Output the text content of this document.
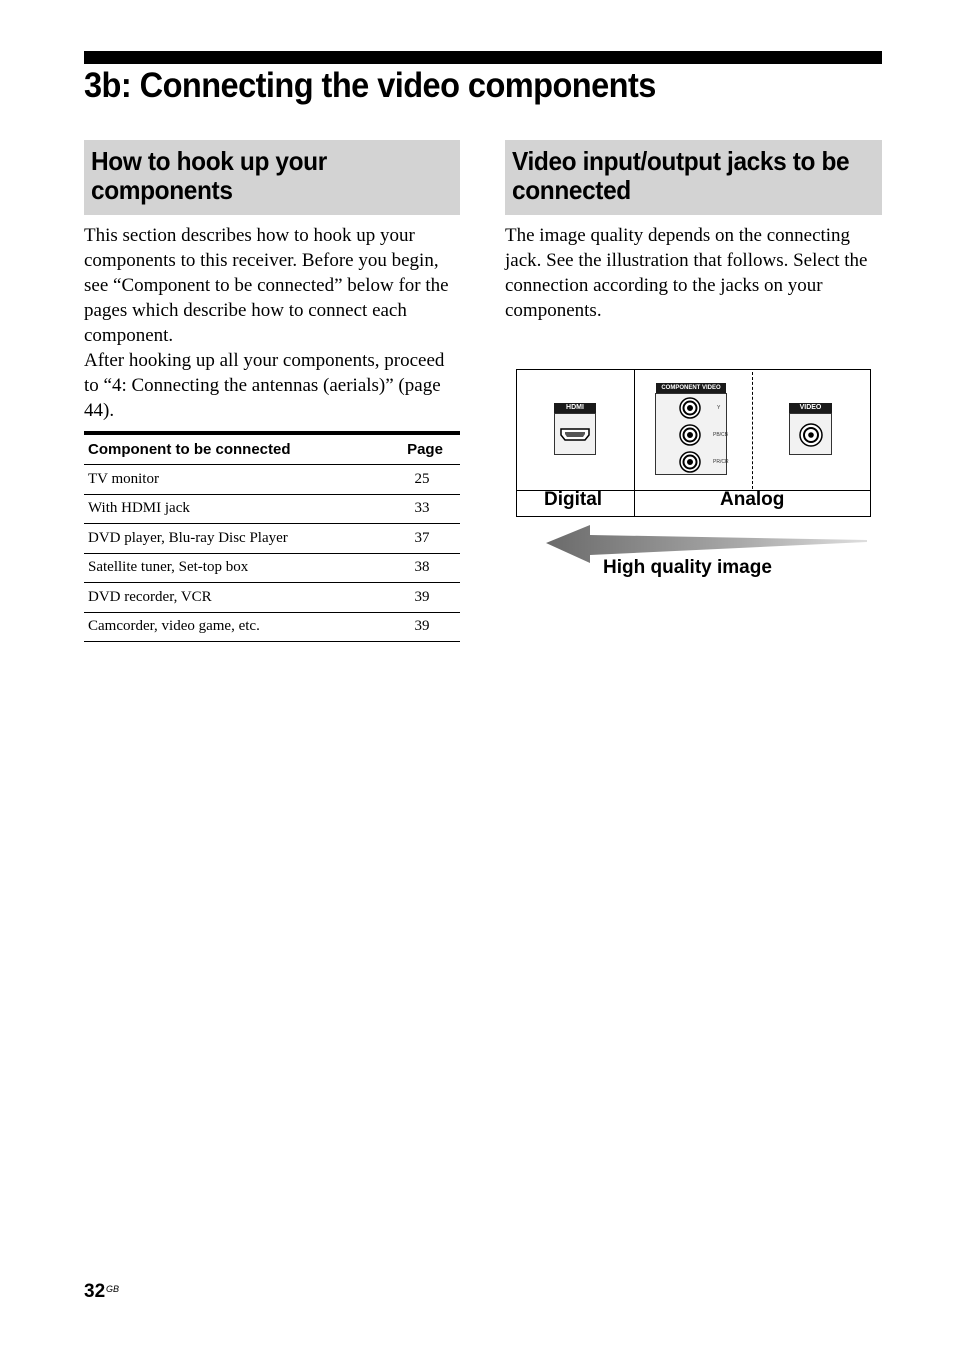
3b: Connecting the video components
How to hook up your components

This section describes how to hook up your components to this receiver. Before you begin, see “Component to be connected” below for the pages which describe how to connect each component.

After hooking up all your components, proceed to “4: Connecting the antennas (aerials)” (page 44).

Component to be connected	Page
TV monitor	25
With HDMI jack	33
DVD player, Blu-ray Disc Player	37
Satellite tuner, Set-top box	38
DVD recorder, VCR	39
Camcorder, video game, etc.	39
Video input/output jacks to be connected

The image quality depends on the connecting jack. See the illustration that follows. Select the connection according to the jacks on your components.

HDMI
COMPONENT VIDEO
Y
PB/CB
PR/CR
VIDEO
Digital	Analog
High quality image
32 GB
